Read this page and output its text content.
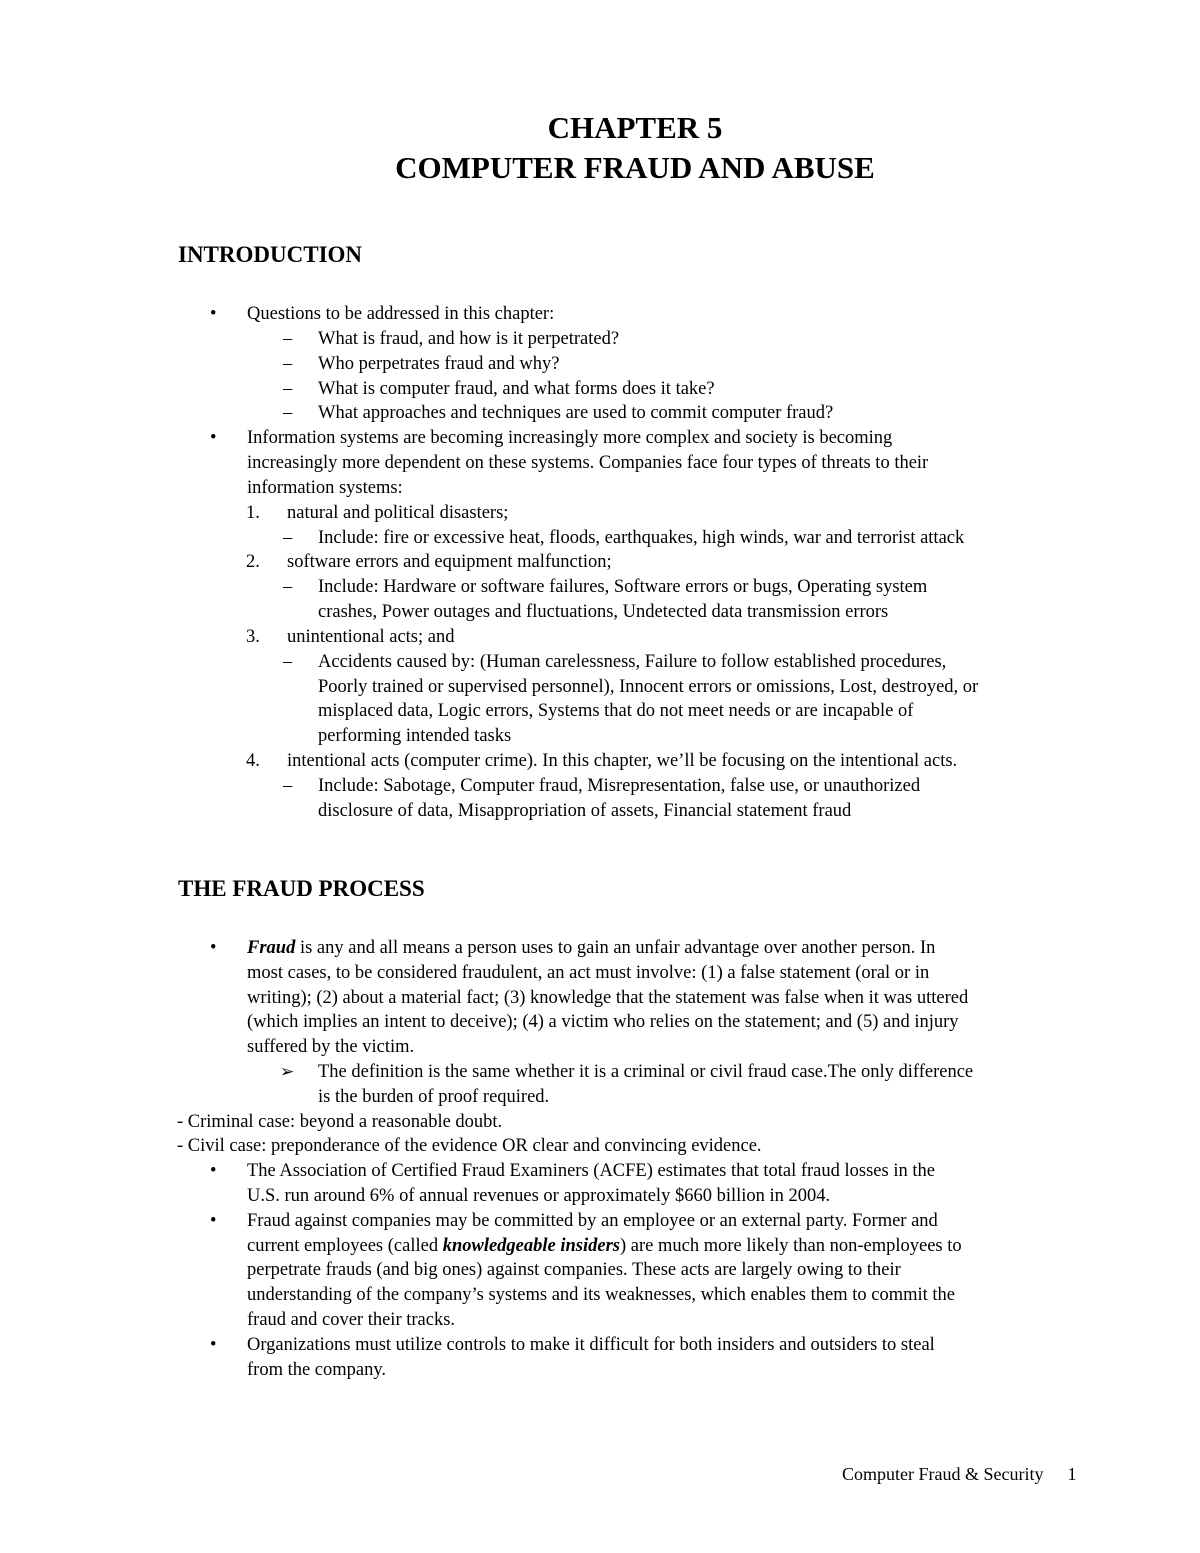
CHAPTER 5
COMPUTER FRAUD AND ABUSE
INTRODUCTION
• Questions to be addressed in this chapter:
– What is fraud, and how is it perpetrated?
– Who perpetrates fraud and why?
– What is computer fraud, and what forms does it take?
– What approaches and techniques are used to commit computer fraud?
• Information systems are becoming increasingly more complex and society is becoming
increasingly more dependent on these systems. Companies face four types of threats to their
information systems:
1. natural and political disasters;
– Include: fire or excessive heat, floods, earthquakes, high winds, war and terrorist attack
2. software errors and equipment malfunction;
– Include: Hardware or software failures, Software errors or bugs, Operating system
crashes, Power outages and fluctuations, Undetected data transmission errors
3. unintentional acts; and
– Accidents caused by: (Human carelessness, Failure to follow established procedures,
Poorly trained or supervised personnel), Innocent errors or omissions, Lost, destroyed, or
misplaced data, Logic errors, Systems that do not meet needs or are incapable of
performing intended tasks
4. intentional acts (computer crime). In this chapter, we’ll be focusing on the intentional acts.
– Include: Sabotage, Computer fraud, Misrepresentation, false use, or unauthorized
disclosure of data, Misappropriation of assets, Financial statement fraud
THE FRAUD PROCESS
• Fraud is any and all means a person uses to gain an unfair advantage over another person. In
most cases, to be considered fraudulent, an act must involve: (1) a false statement (oral or in
writing); (2) about a material fact; (3) knowledge that the statement was false when it was uttered
(which implies an intent to deceive); (4) a victim who relies on the statement; and (5) and injury
suffered by the victim.
➢ The definition is the same whether it is a criminal or civil fraud case.The only difference
is the burden of proof required.
- Criminal case: beyond a reasonable doubt.
- Civil case: preponderance of the evidence OR clear and convincing evidence.
• The Association of Certified Fraud Examiners (ACFE) estimates that total fraud losses in the
U.S. run around 6% of annual revenues or approximately $660 billion in 2004.
• Fraud against companies may be committed by an employee or an external party. Former and
current employees (called knowledgeable insiders) are much more likely than non-employees to
perpetrate frauds (and big ones) against companies. These acts are largely owing to their
understanding of the company’s systems and its weaknesses, which enables them to commit the
fraud and cover their tracks.
• Organizations must utilize controls to make it difficult for both insiders and outsiders to steal
from the company.
Computer Fraud & Security 1
